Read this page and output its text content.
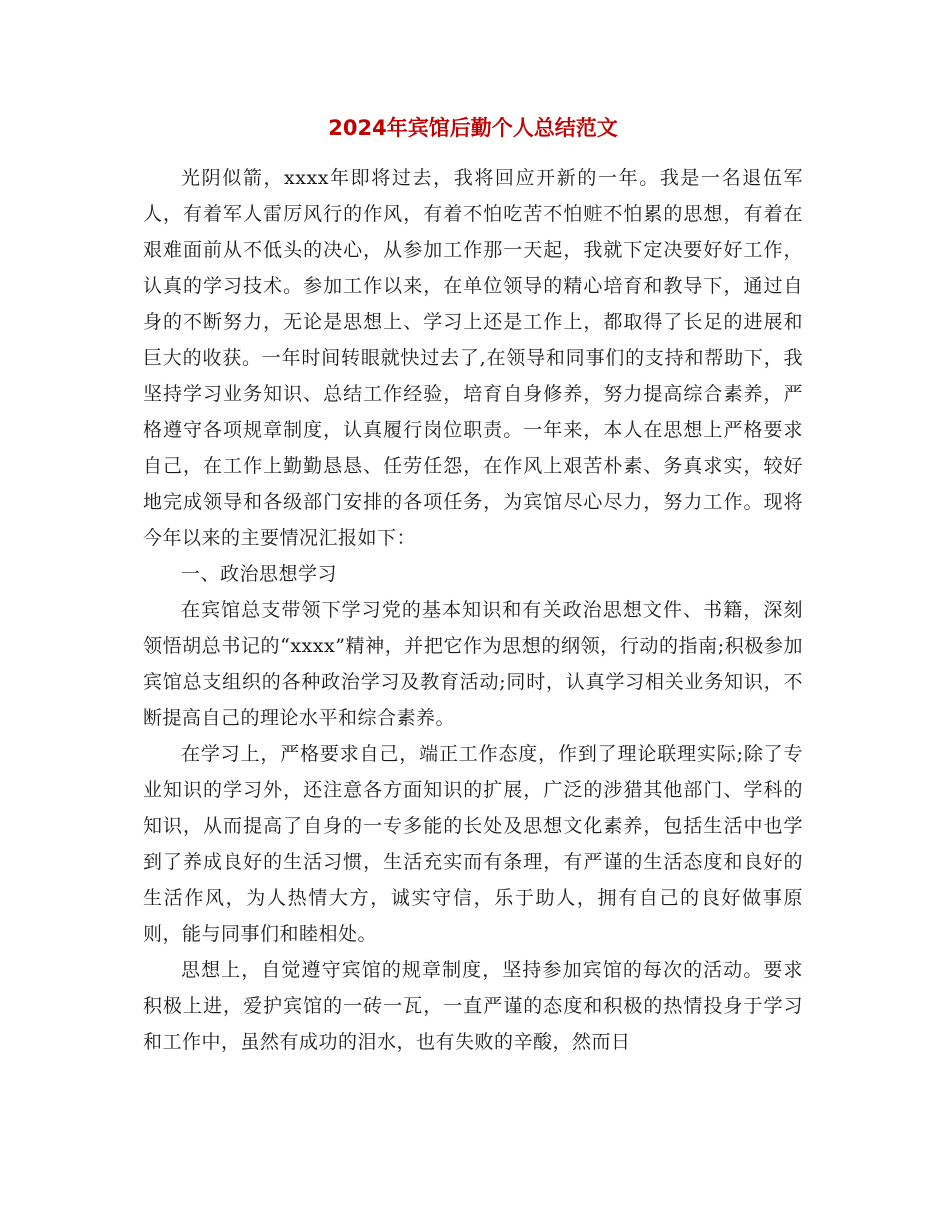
2024年宾馆后勤个人总结范文

光阴似箭，xxxx年即将过去，我将回应开新的一年。我是一名退伍军人，有着军人雷厉风行的作风，有着不怕吃苦不怕赃不怕累的思想，有着在艰难面前从不低头的决心，从参加工作那一天起，我就下定决要好好工作，认真的学习技术。参加工作以来，在单位领导的精心培育和教导下，通过自身的不断努力，无论是思想上、学习上还是工作上，都取得了长足的进展和巨大的收获。一年时间转眼就快过去了,在领导和同事们的支持和帮助下，我坚持学习业务知识、总结工作经验，培育自身修养，努力提高综合素养，严格遵守各项规章制度，认真履行岗位职责。一年来，本人在思想上严格要求自己，在工作上勤勤恳恳、任劳任怨，在作风上艰苦朴素、务真求实，较好地完成领导和各级部门安排的各项任务，为宾馆尽心尽力，努力工作。现将今年以来的主要情况汇报如下：

一、政治思想学习

在宾馆总支带领下学习党的基本知识和有关政治思想文件、书籍，深刻领悟胡总书记的“xxxx”精神，并把它作为思想的纲领，行动的指南;积极参加宾馆总支组织的各种政治学习及教育活动;同时，认真学习相关业务知识，不断提高自己的理论水平和综合素养。

在学习上，严格要求自己，端正工作态度，作到了理论联理实际;除了专业知识的学习外，还注意各方面知识的扩展，广泛的涉猎其他部门、学科的知识，从而提高了自身的一专多能的长处及思想文化素养，包括生活中也学到了养成良好的生活习惯，生活充实而有条理，有严谨的生活态度和良好的生活作风，为人热情大方，诚实守信，乐于助人，拥有自己的良好做事原则，能与同事们和睦相处。

思想上，自觉遵守宾馆的规章制度，坚持参加宾馆的每次的活动。要求积极上进，爱护宾馆的一砖一瓦，一直严谨的态度和积极的热情投身于学习和工作中，虽然有成功的泪水，也有失败的辛酸，然而日
